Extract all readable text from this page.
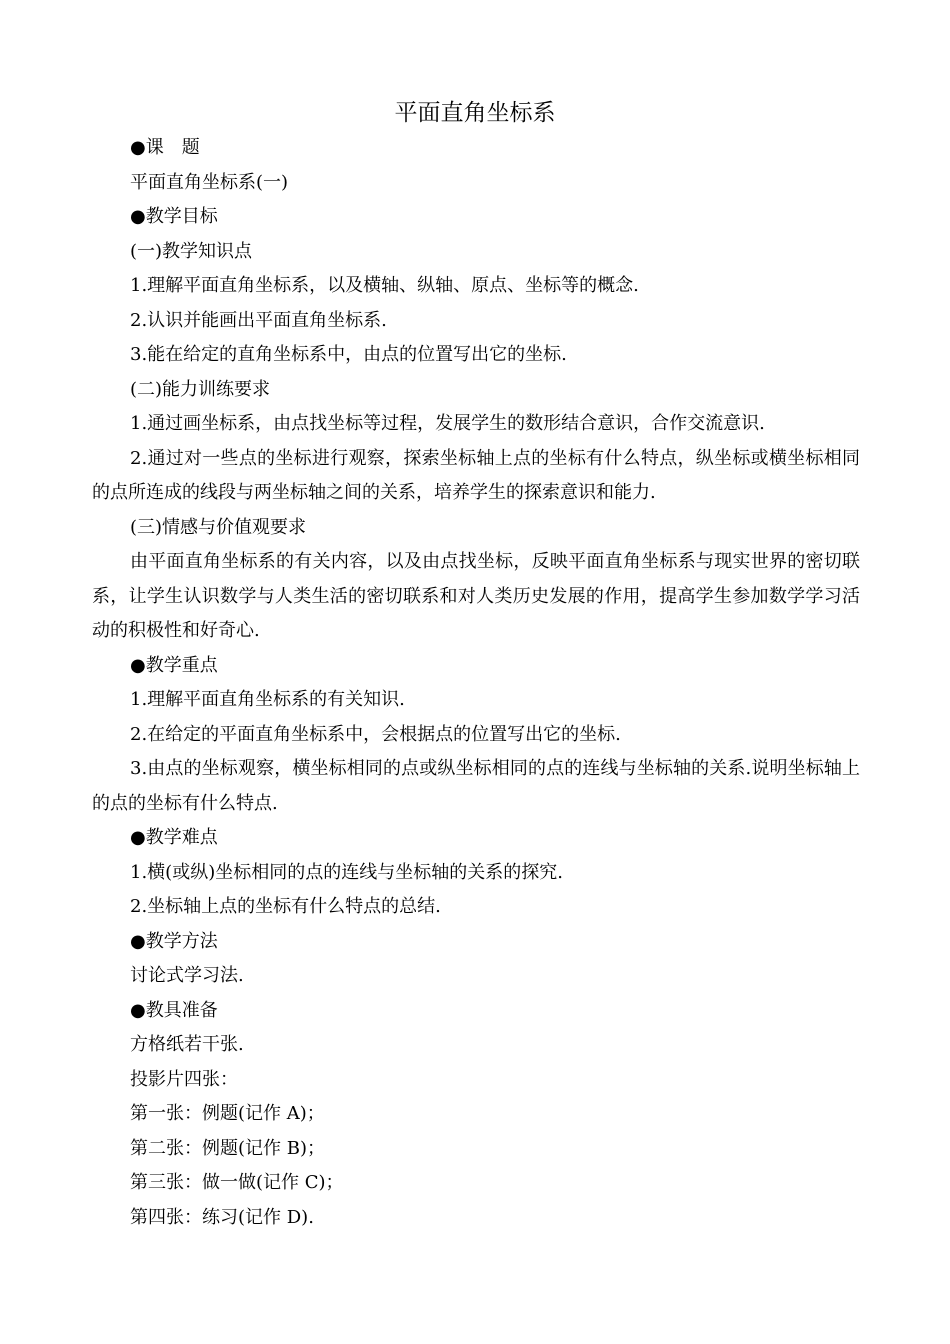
平面直角坐标系

●课　题

平面直角坐标系(一)

●教学目标

(一)教学知识点

1.理解平面直角坐标系，以及横轴、纵轴、原点、坐标等的概念.

2.认识并能画出平面直角坐标系.

3.能在给定的直角坐标系中，由点的位置写出它的坐标.

(二)能力训练要求

1.通过画坐标系，由点找坐标等过程，发展学生的数形结合意识，合作交流意识.

2.通过对一些点的坐标进行观察，探索坐标轴上点的坐标有什么特点，纵坐标或横坐标相同的点所连成的线段与两坐标轴之间的关系，培养学生的探索意识和能力.

(三)情感与价值观要求

由平面直角坐标系的有关内容，以及由点找坐标，反映平面直角坐标系与现实世界的密切联系，让学生认识数学与人类生活的密切联系和对人类历史发展的作用，提高学生参加数学学习活动的积极性和好奇心.

●教学重点

1.理解平面直角坐标系的有关知识.

2.在给定的平面直角坐标系中，会根据点的位置写出它的坐标.

3.由点的坐标观察，横坐标相同的点或纵坐标相同的点的连线与坐标轴的关系.说明坐标轴上的点的坐标有什么特点.

●教学难点

1.横(或纵)坐标相同的点的连线与坐标轴的关系的探究.

2.坐标轴上点的坐标有什么特点的总结.

●教学方法

讨论式学习法.

●教具准备

方格纸若干张.

投影片四张：

第一张：例题(记作 A)；

第二张：例题(记作 B)；

第三张：做一做(记作 C)；

第四张：练习(记作 D).
